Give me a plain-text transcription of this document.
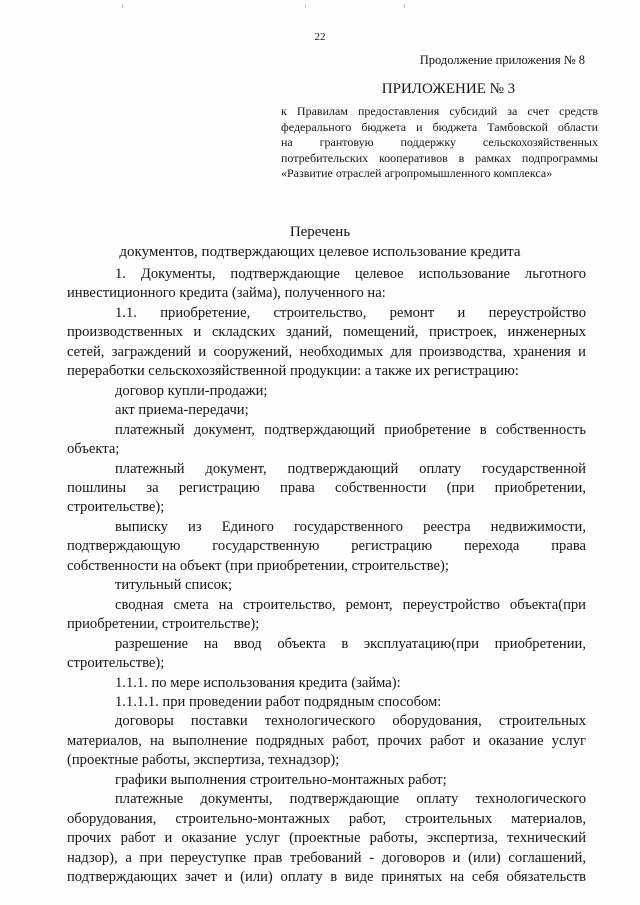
22
Продолжение приложения № 8
ПРИЛОЖЕНИЕ № 3
к Правилам предоставления субсидий за счет средств
федерального бюджета и бюджета Тамбовской области
на грантовую поддержку сельскохозяйственных
потребительских кооперативов в рамках подпрограммы
«Развитие отраслей агропромышленного комплекса»
Перечень
документов, подтверждающих целевое использование кредита
1. Документы, подтверждающие целевое использование льготного
инвестиционного кредита (займа), полученного на:
1.1. приобретение, строительство, ремонт и переустройство
производственных и складских зданий, помещений, пристроек, инженерных
сетей, заграждений и сооружений, необходимых для производства, хранения и
переработки сельскохозяйственной продукции: а также их регистрацию:
договор купли-продажи;
акт приема-передачи;
платежный документ, подтверждающий приобретение в собственность
объекта;
платежный документ, подтверждающий оплату государственной
пошлины за регистрацию права собственности (при приобретении,
строительстве);
выписку из Единого государственного реестра недвижимости,
подтверждающую государственную регистрацию перехода права
собственности на объект (при приобретении, строительстве);
титульный список;
сводная смета на строительство, ремонт, переустройство объекта(при
приобретении, строительстве);
разрешение на ввод объекта в эксплуатацию(при приобретении,
строительстве);
1.1.1. по мере использования кредита (займа):
1.1.1.1. при проведении работ подрядным способом:
договоры поставки технологического оборудования, строительных
материалов, на выполнение подрядных работ, прочих работ и оказание услуг
(проектные работы, экспертиза, технадзор);
графики выполнения строительно-монтажных работ;
платежные документы, подтверждающие оплату технологического
оборудования, строительно-монтажных работ, строительных материалов,
прочих работ и оказание услуг (проектные работы, экспертиза, технический
надзор), а при переуступке прав требований - договоров и (или) соглашений,
подтверждающих зачет и (или) оплату в виде принятых на себя обязательств
